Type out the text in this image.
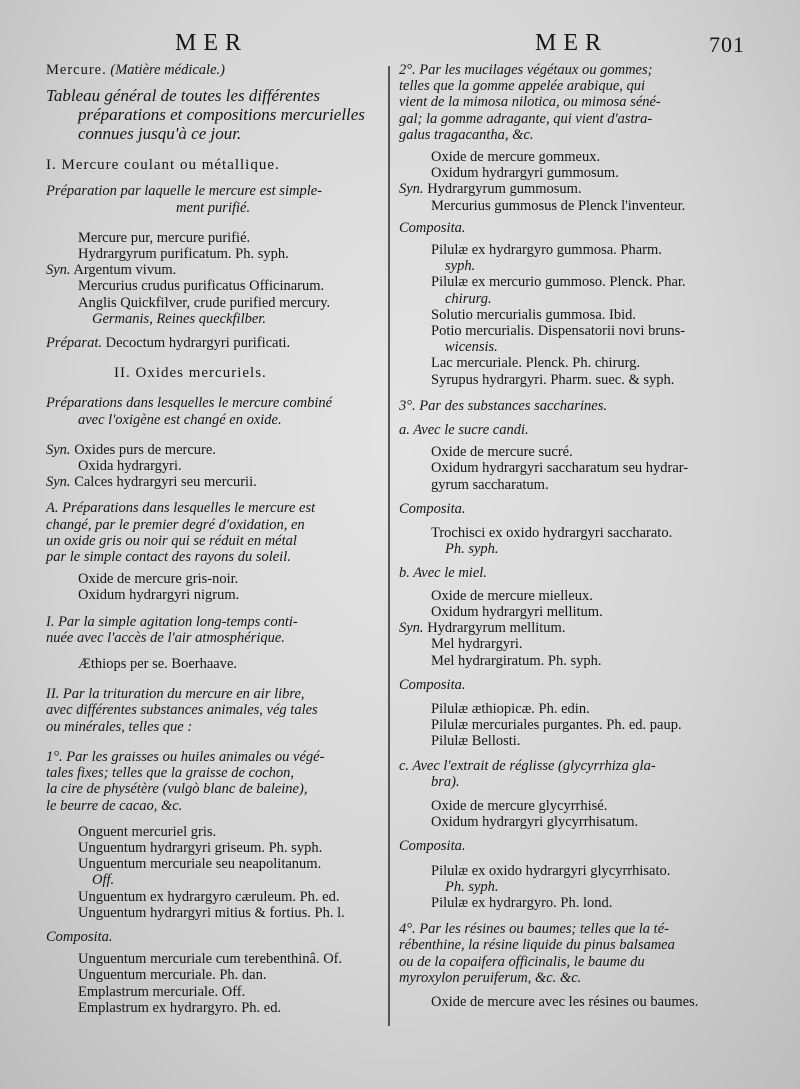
MER	MER	701
Mercure. (Matière médicale.)
Tableau général de toutes les différentes
préparations et compositions mercurielles
connues jusqu'à ce jour.
I. Mercure coulant ou métallique.
Préparation par laquelle le mercure est simple-
ment purifié.
Mercure pur, mercure purifié.
Hydrargyrum purificatum. Ph. syph.
Syn. Argentum vivum.
Mercurius crudus purificatus Officinarum.
Anglis Quickfilver, crude purified mercury.
Germanis, Reines queckfilber.
Préparat. Decoctum hydrargyri purificati.
II. Oxides mercuriels.
Préparations dans lesquelles le mercure combiné
avec l'oxigène est changé en oxide.
Syn. Oxides purs de mercure.
Oxida hydrargyri.
Syn. Calces hydrargyri seu mercurii.
A. Préparations dans lesquelles le mercure est
changé, par le premier degré d'oxidation, en
un oxide gris ou noir qui se réduit en métal
par le simple contact des rayons du soleil.
Oxide de mercure gris-noir.
Oxidum hydrargyri nigrum.
I. Par la simple agitation long-temps conti-
nuée avec l'accès de l'air atmosphérique.
Æthiops per se. Boerhaave.
II. Par la trituration du mercure en air libre,
avec différentes substances animales, vég tales
ou minérales, telles que :
1°. Par les graisses ou huiles animales ou végé-
tales fixes; telles que la graisse de cochon,
la cire de physétère (vulgò blanc de baleine),
le beurre de cacao, &c.
Onguent mercuriel gris.
Unguentum hydrargyri griseum. Ph. syph.
Unguentum mercuriale seu neapolitanum.
Off.
Unguentum ex hydrargyro cæruleum. Ph. ed.
Unguentum hydrargyri mitius & fortius. Ph. l.
Composita.
Unguentum mercuriale cum terebenthinâ. Of.
Unguentum mercuriale. Ph. dan.
Emplastrum mercuriale. Off.
Emplastrum ex hydrargyro. Ph. ed.
2°. Par les mucilages végétaux ou gommes;
telles que la gomme appelée arabique, qui
vient de la mimosa nilotica, ou mimosa séné-
gal; la gomme adragante, qui vient d'astra-
galus tragacantha, &c.
Oxide de mercure gommeux.
Oxidum hydrargyri gummosum.
Syn. Hydrargyrum gummosum.
Mercurius gummosus de Plenck l'inventeur.
Composita.
Pilulæ ex hydrargyro gummosa. Pharm.
syph.
Pilulæ ex mercurio gummoso. Plenck. Phar.
chirurg.
Solutio mercurialis gummosa. Ibid.
Potio mercurialis. Dispensatorii novi bruns-
wicensis.
Lac mercuriale. Plenck. Ph. chirurg.
Syrupus hydrargyri. Pharm. suec. & syph.
3°. Par des substances saccharines.
a. Avec le sucre candi.
Oxide de mercure sucré.
Oxidum hydrargyri saccharatum seu hydrar-
gyrum saccharatum.
Composita.
Trochisci ex oxido hydrargyri saccharato.
Ph. syph.
b. Avec le miel.
Oxide de mercure mielleux.
Oxidum hydrargyri mellitum.
Syn. Hydrargyrum mellitum.
Mel hydrargyri.
Mel hydrargiratum. Ph. syph.
Composita.
Pilulæ æthiopicæ. Ph. edin.
Pilulæ mercuriales purgantes. Ph. ed. paup.
Pilulæ Bellosti.
c. Avec l'extrait de réglisse (glycyrrhiza gla-
bra).
Oxide de mercure glycyrrhisé.
Oxidum hydrargyri glycyrrhisatum.
Composita.
Pilulæ ex oxido hydrargyri glycyrrhisato.
Ph. syph.
Pilulæ ex hydrargyro. Ph. lond.
4°. Par les résines ou baumes; telles que la té-
rébenthine, la résine liquide du pinus balsamea
ou de la copaifera officinalis, le baume du
myroxylon peruiferum, &c. &c.
Oxide de mercure avec les résines ou baumes.
